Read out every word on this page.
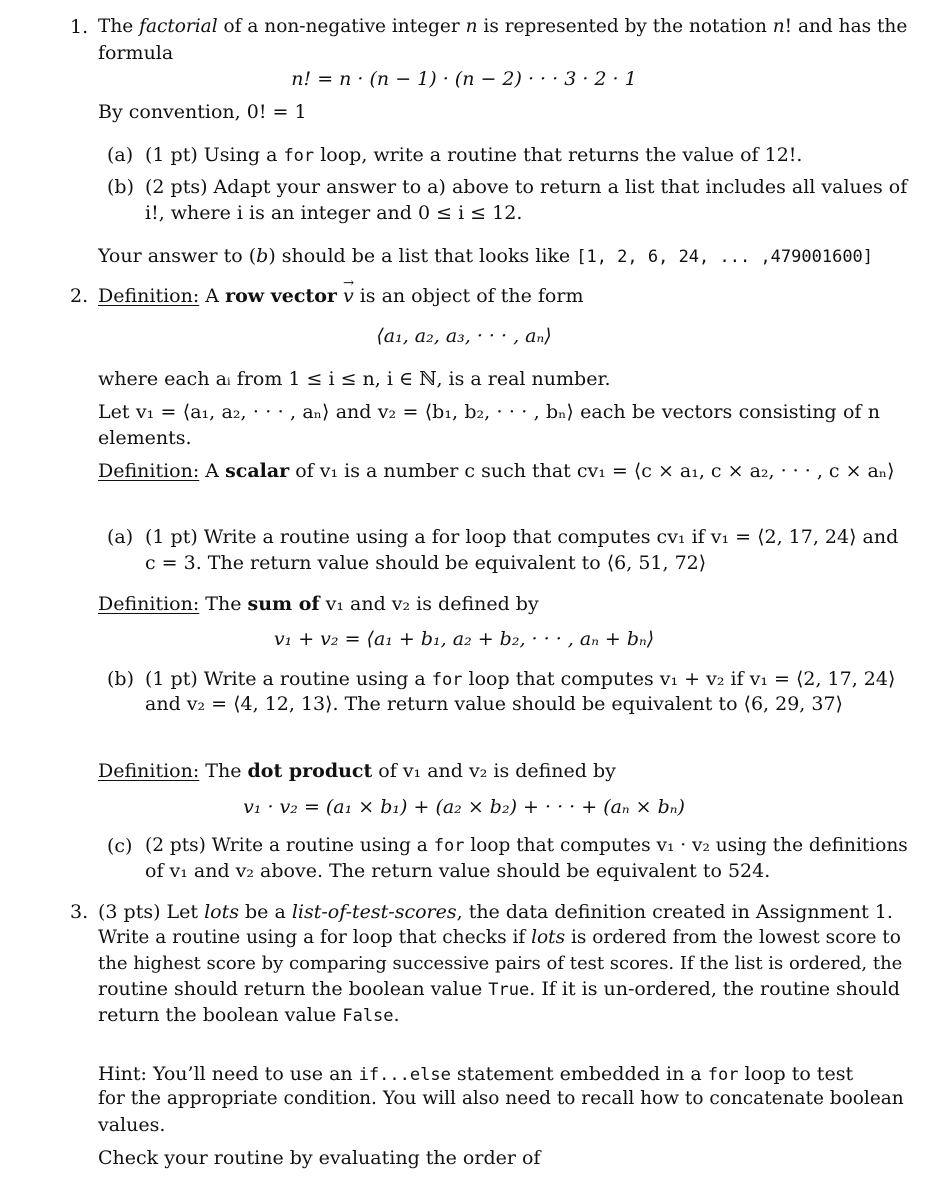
1. The factorial of a non-negative integer n is represented by the notation n! and has the
formula
n! = n · (n − 1) · (n − 2) · · · 3 · 2 · 1
By convention, 0! = 1
(a) (1 pt) Using a for loop, write a routine that returns the value of 12!.
(b) (2 pts) Adapt your answer to a) above to return a list that includes all values of
i!, where i is an integer and 0 ≤ i ≤ 12.
Your answer to (b) should be a list that looks like [1, 2, 6, 24, ... ,479001600]
2. Definition: A row vector → v is an object of the form
⟨a₁, a₂, a₃, · · · , aₙ⟩
where each aᵢ from 1 ≤ i ≤ n, i ∈ ℕ, is a real number.
Let v₁ = ⟨a₁, a₂, · · · , aₙ⟩ and v₂ = ⟨b₁, b₂, · · · , bₙ⟩ each be vectors consisting of n
elements.
Definition: A scalar of v₁ is a number c such that cv₁ = ⟨c × a₁, c × a₂, · · · , c × aₙ⟩
(a) (1 pt) Write a routine using a for loop that computes cv₁ if v₁ = ⟨2, 17, 24⟩ and
c = 3. The return value should be equivalent to ⟨6, 51, 72⟩
Definition: The sum of v₁ and v₂ is defined by
v₁ + v₂ = ⟨a₁ + b₁, a₂ + b₂, · · · , aₙ + bₙ⟩
(b) (1 pt) Write a routine using a for loop that computes v₁ + v₂ if v₁ = ⟨2, 17, 24⟩
and v₂ = ⟨4, 12, 13⟩. The return value should be equivalent to ⟨6, 29, 37⟩
Definition: The dot product of v₁ and v₂ is defined by
v₁ · v₂ = (a₁ × b₁) + (a₂ × b₂) + · · · + (aₙ × bₙ)
(c) (2 pts) Write a routine using a for loop that computes v₁ · v₂ using the definitions
of v₁ and v₂ above. The return value should be equivalent to 524.
3. (3 pts) Let lots be a list-of-test-scores, the data definition created in Assignment 1.
Write a routine using a for loop that checks if lots is ordered from the lowest score to
the highest score by comparing successive pairs of test scores. If the list is ordered, the
routine should return the boolean value True. If it is un-ordered, the routine should
return the boolean value False.
Hint: You’ll need to use an if...else statement embedded in a for loop to test
for the appropriate condition. You will also need to recall how to concatenate boolean
values.
Check your routine by evaluating the order of
